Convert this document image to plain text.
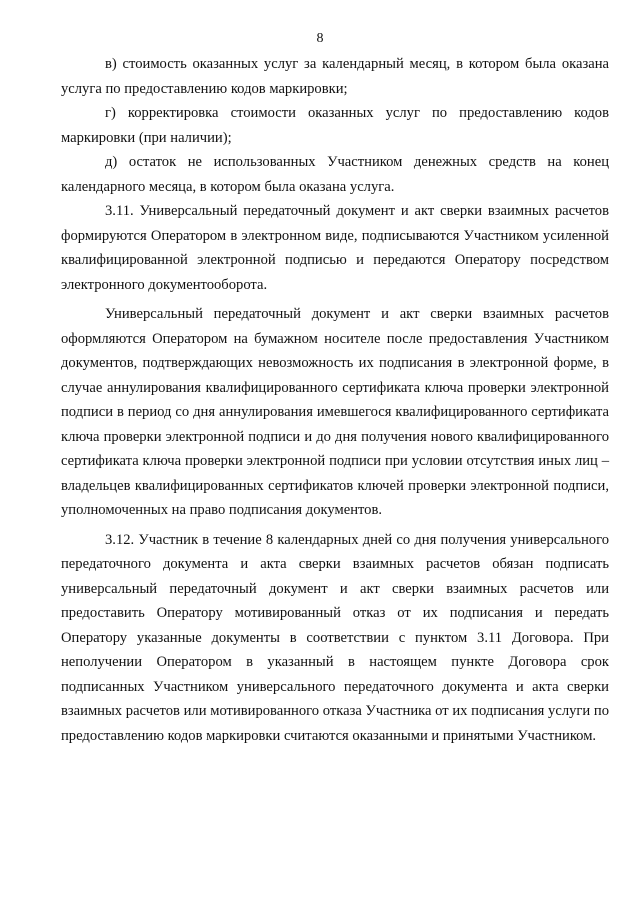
8

в) стоимость оказанных услуг за календарный месяц, в котором была оказана услуга по предоставлению кодов маркировки;

г) корректировка стоимости оказанных услуг по предоставлению кодов маркировки (при наличии);

д) остаток не использованных Участником денежных средств на конец календарного месяца, в котором была оказана услуга.

3.11. Универсальный передаточный документ и акт сверки взаимных расчетов формируются Оператором в электронном виде, подписываются Участником усиленной квалифицированной электронной подписью и передаются Оператору посредством электронного документооборота.

Универсальный передаточный документ и акт сверки взаимных расчетов оформляются Оператором на бумажном носителе после предоставления Участником документов, подтверждающих невозможность их подписания в электронной форме, в случае аннулирования квалифицированного сертификата ключа проверки электронной подписи в период со дня аннулирования имевшегося квалифицированного сертификата ключа проверки электронной подписи и до дня получения нового квалифицированного сертификата ключа проверки электронной подписи при условии отсутствия иных лиц – владельцев квалифицированных сертификатов ключей проверки электронной подписи, уполномоченных на право подписания документов.

3.12. Участник в течение 8 календарных дней со дня получения универсального передаточного документа и акта сверки взаимных расчетов обязан подписать универсальный передаточный документ и акт сверки взаимных расчетов или предоставить Оператору мотивированный отказ от их подписания и передать Оператору указанные документы в соответствии с пунктом 3.11 Договора. При неполучении Оператором в указанный в настоящем пункте Договора срок подписанных Участником универсального передаточного документа и акта сверки взаимных расчетов или мотивированного отказа Участника от их подписания услуги по предоставлению кодов маркировки считаются оказанными и принятыми Участником.
